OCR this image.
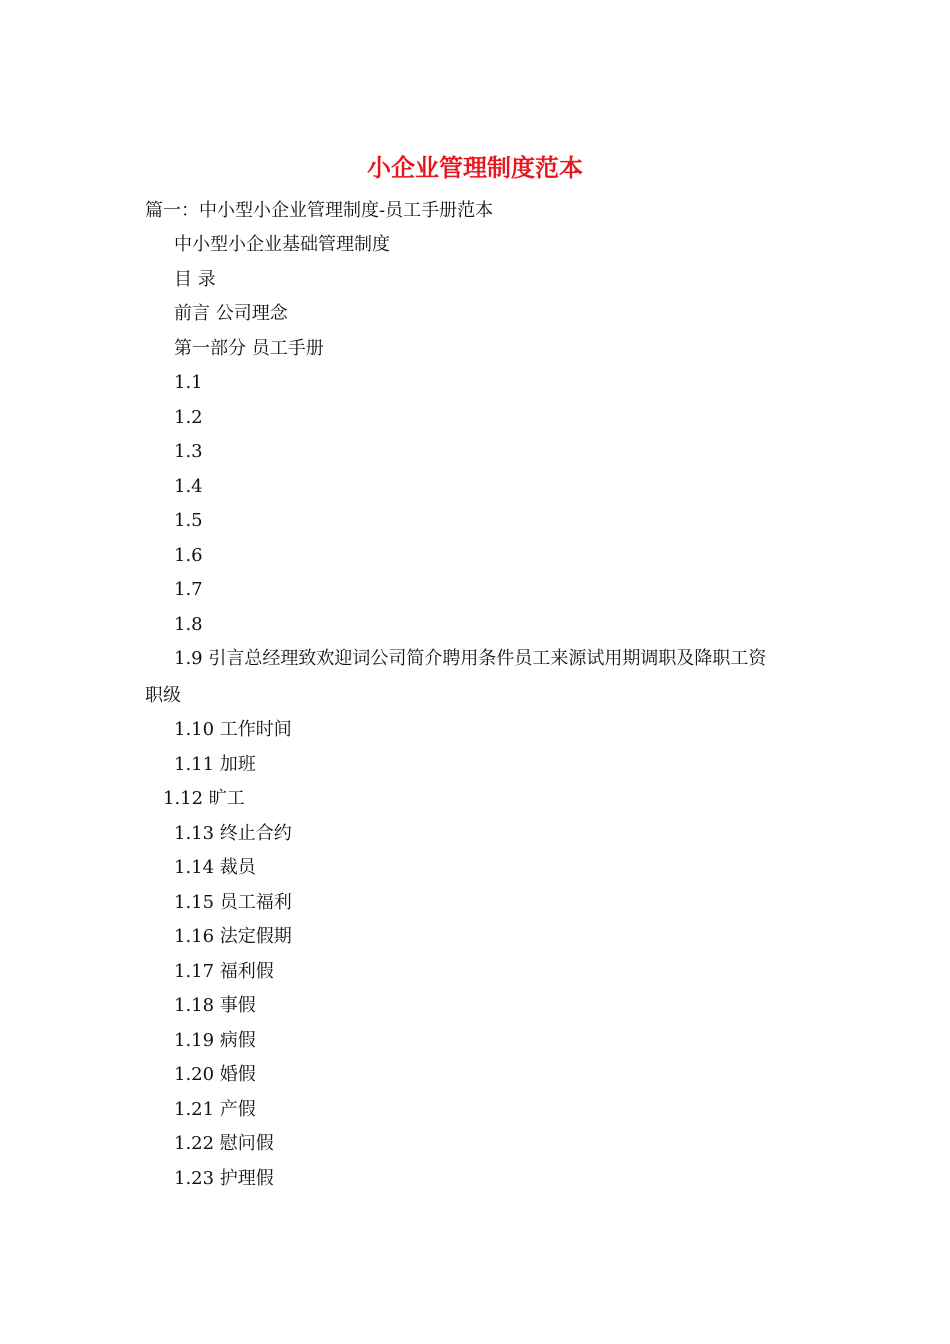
小企业管理制度范本
篇一：中小型小企业管理制度-员工手册范本
中小型小企业基础管理制度
目 录
前言 公司理念
第一部分 员工手册
1.1
1.2
1.3
1.4
1.5
1.6
1.7
1.8
1.9 引言总经理致欢迎词公司简介聘用条件员工来源试用期调职及降职工资
职级
1.10 工作时间
1.11 加班
1.12 旷工
1.13 终止合约
1.14 裁员
1.15 员工福利
1.16 法定假期
1.17 福利假
1.18 事假
1.19 病假
1.20 婚假
1.21 产假
1.22 慰问假
1.23 护理假
